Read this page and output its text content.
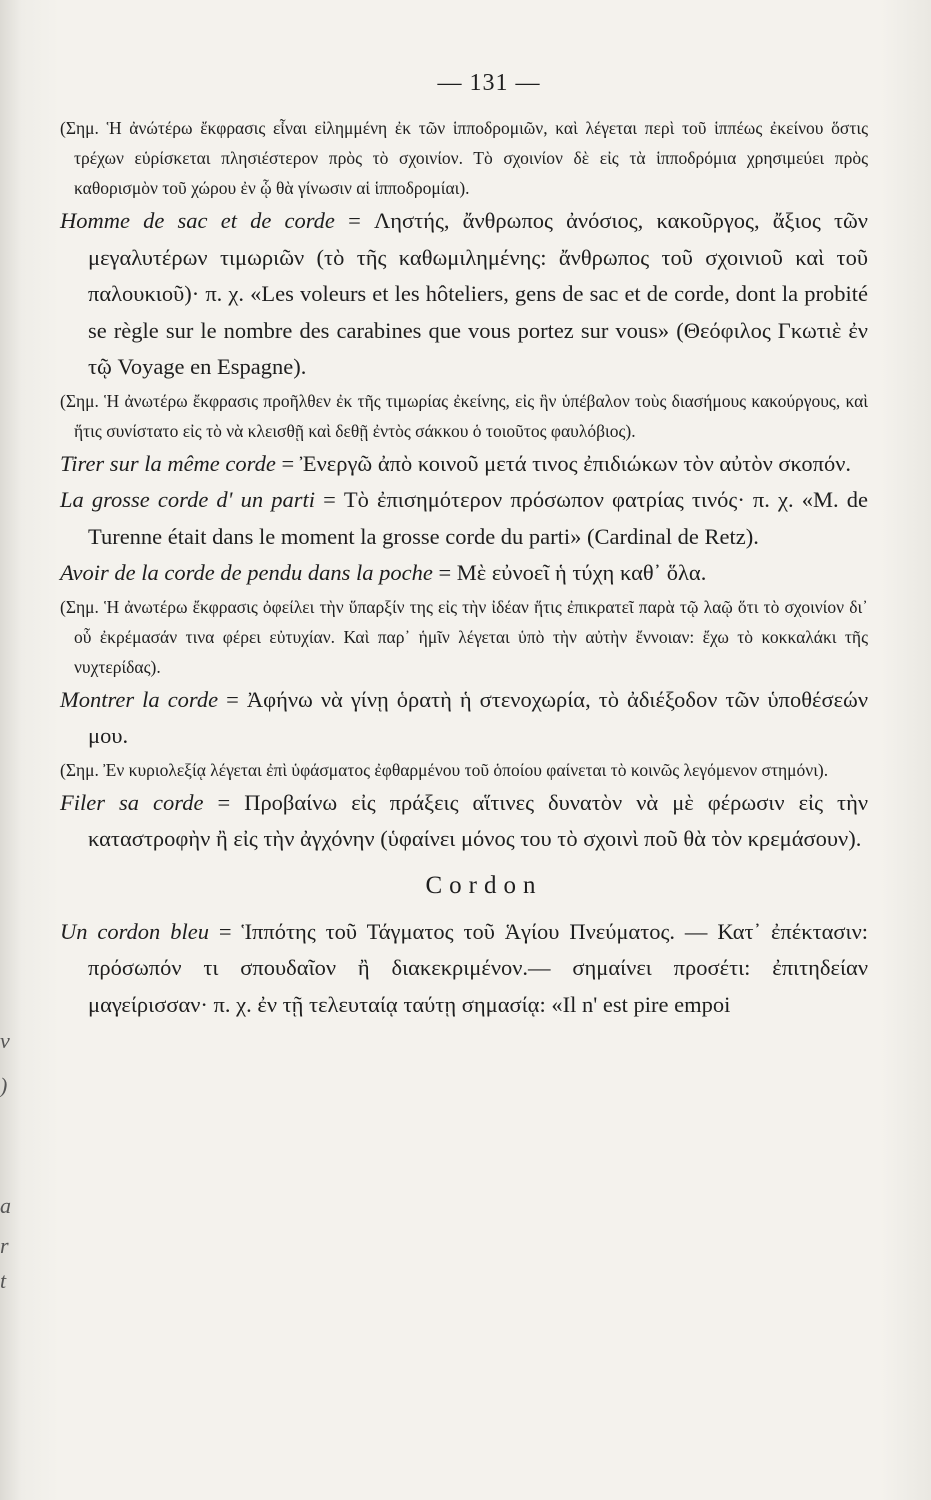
v
)
a
r
t
— 131 —

(Σημ. Ἡ ἀνώτέρω ἔκφρασις εἶναι εἰλημμένη ἐκ τῶν ἱπποδρομιῶν, καὶ λέγεται περὶ τοῦ ἱππέως ἐκείνου ὅστις τρέχων εὑρίσκεται πλησιέστερον πρὸς τὸ σχοινίον. Τὸ σχοινίον δὲ εἰς τὰ ἱπποδρόμια χρησιμεύει πρὸς καθορισμὸν τοῦ χώρου ἐν ᾧ θὰ γίνωσιν αἱ ἱπποδρομίαι).

Homme de sac et de corde = Ληστής, ἄνθρωπος ἀνόσιος, κακοῦργος, ἄξιος τῶν μεγαλυτέρων τιμωριῶν (τὸ τῆς καθωμιλημένης: ἄνθρωπος τοῦ σχοινιοῦ καὶ τοῦ παλουκιοῦ)· π. χ. «Les voleurs et les hôteliers, gens de sac et de corde, dont la probité se règle sur le nombre des carabines que vous portez sur vous» (Θεόφιλος Γκωτιὲ ἐν τῷ Voyage en Espagne).

(Σημ. Ἡ ἀνωτέρω ἔκφρασις προῆλθεν ἐκ τῆς τιμωρίας ἐκείνης, εἰς ἣν ὑπέβαλον τοὺς διασήμους κακούργους, καὶ ἥτις συνίστατο εἰς τὸ νὰ κλεισθῇ καὶ δεθῇ ἐντὸς σάκκου ὁ τοιοῦτος φαυλόβιος).

Tirer sur la même corde = Ἐνεργῶ ἀπὸ κοινοῦ μετά τινος ἐπιδιώκων τὸν αὐτὸν σκοπόν.

La grosse corde d' un parti = Τὸ ἐπισημότερον πρόσωπον φατρίας τινός· π. χ. «M. de Turenne était dans le moment la grosse corde du parti» (Cardinal de Retz).

Avoir de la corde de pendu dans la poche = Μὲ εὐνοεῖ ἡ τύχη καθ᾽ ὅλα.

(Σημ. Ἡ ἀνωτέρω ἔκφρασις ὀφείλει τὴν ὕπαρξίν της εἰς τὴν ἰδέαν ἥτις ἐπικρατεῖ παρὰ τῷ λαῷ ὅτι τὸ σχοινίον δι᾽ οὗ ἐκρέμασάν τινα φέρει εὐτυχίαν. Καὶ παρ᾽ ἡμῖν λέγεται ὑπὸ τὴν αὐτὴν ἔννοιαν: ἔχω τὸ κοκκαλάκι τῆς νυχτερίδας).

Montrer la corde = Ἀφήνω νὰ γίνῃ ὁρατὴ ἡ στενοχωρία, τὸ ἀδιέξοδον τῶν ὑποθέσεών μου.

(Σημ. Ἐν κυριολεξίᾳ λέγεται ἐπὶ ὑφάσματος ἐφθαρμένου τοῦ ὁποίου φαίνεται τὸ κοινῶς λεγόμενον στημόνι).

Filer sa corde = Προβαίνω εἰς πράξεις αἵτινες δυνατὸν νὰ μὲ φέρωσιν εἰς τὴν καταστροφὴν ἢ εἰς τὴν ἀγχόνην (ὑφαίνει μόνος του τὸ σχοινὶ ποῦ θὰ τὸν κρεμάσουν).

Cordon

Un cordon bleu = Ἱππότης τοῦ Τάγματος τοῦ Ἁγίου Πνεύματος. — Κατ᾽ ἐπέκτασιν: πρόσωπόν τι σπουδαῖον ἢ διακεκριμένον.— σημαίνει προσέτι: ἐπιτηδείαν μαγείρισσαν· π. χ. ἐν τῇ τελευταίᾳ ταύτῃ σημασίᾳ: «Il n' est pire empoi
